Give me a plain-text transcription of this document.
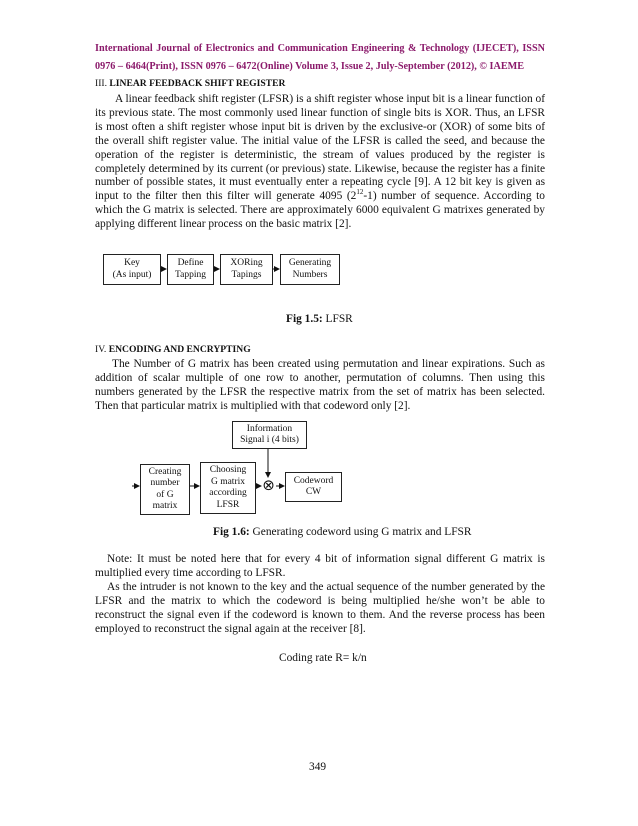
International Journal of Electronics and Communication Engineering & Technology (IJECET), ISSN
0976 – 6464(Print), ISSN 0976 – 6472(Online) Volume 3, Issue 2, July-September (2012), © IAEME
III. LINEAR FEEDBACK SHIFT REGISTER
A linear feedback shift register (LFSR) is a shift register whose input bit is a linear function of its previous state. The most commonly used linear function of single bits is XOR. Thus, an LFSR is most often a shift register whose input bit is driven by the exclusive-or (XOR) of some bits of the overall shift register value. The initial value of the LFSR is called the seed, and because the operation of the register is deterministic, the stream of values produced by the register is completely determined by its current (or previous) state. Likewise, because the register has a finite number of possible states, it must eventually enter a repeating cycle [9]. A 12 bit key is given as input to the filter then this filter will generate 4095 $(2^{12}-1)$ number of sequence. According to which the G matrix is selected. There are approximately 6000 equivalent G matrixes generated by applying different linear process on the basic matrix [2].
Key
(As input)
Define
Tapping
XORing
Tapings
Generating
Numbers
Fig 1.5: LFSR
IV. ENCODING AND ENCRYPTING
The Number of G matrix has been created using permutation and linear expirations. Such as addition of scalar multiple of one row to another, permutation of columns. Then using this numbers generated by the LFSR the respective matrix from the set of matrix has been selected. Then that particular matrix is multiplied with that codeword only [2].
Information
Signal i (4 bits)
Creating
number
of G
matrix
Choosing
G matrix
according
LFSR
Codeword
CW
⊗
Fig 1.6: Generating codeword using G matrix and LFSR
Note: It must be noted here that for every 4 bit of information signal different G matrix is multiplied every time according to LFSR.
As the intruder is not known to the key and the actual sequence of the number generated by the LFSR and the matrix to which the codeword is being multiplied he/she won’t be able to reconstruct the signal even if the codeword is known to them. And the reverse process has been employed to reconstruct the signal again at the receiver [8].
Coding rate R= k/n
349
